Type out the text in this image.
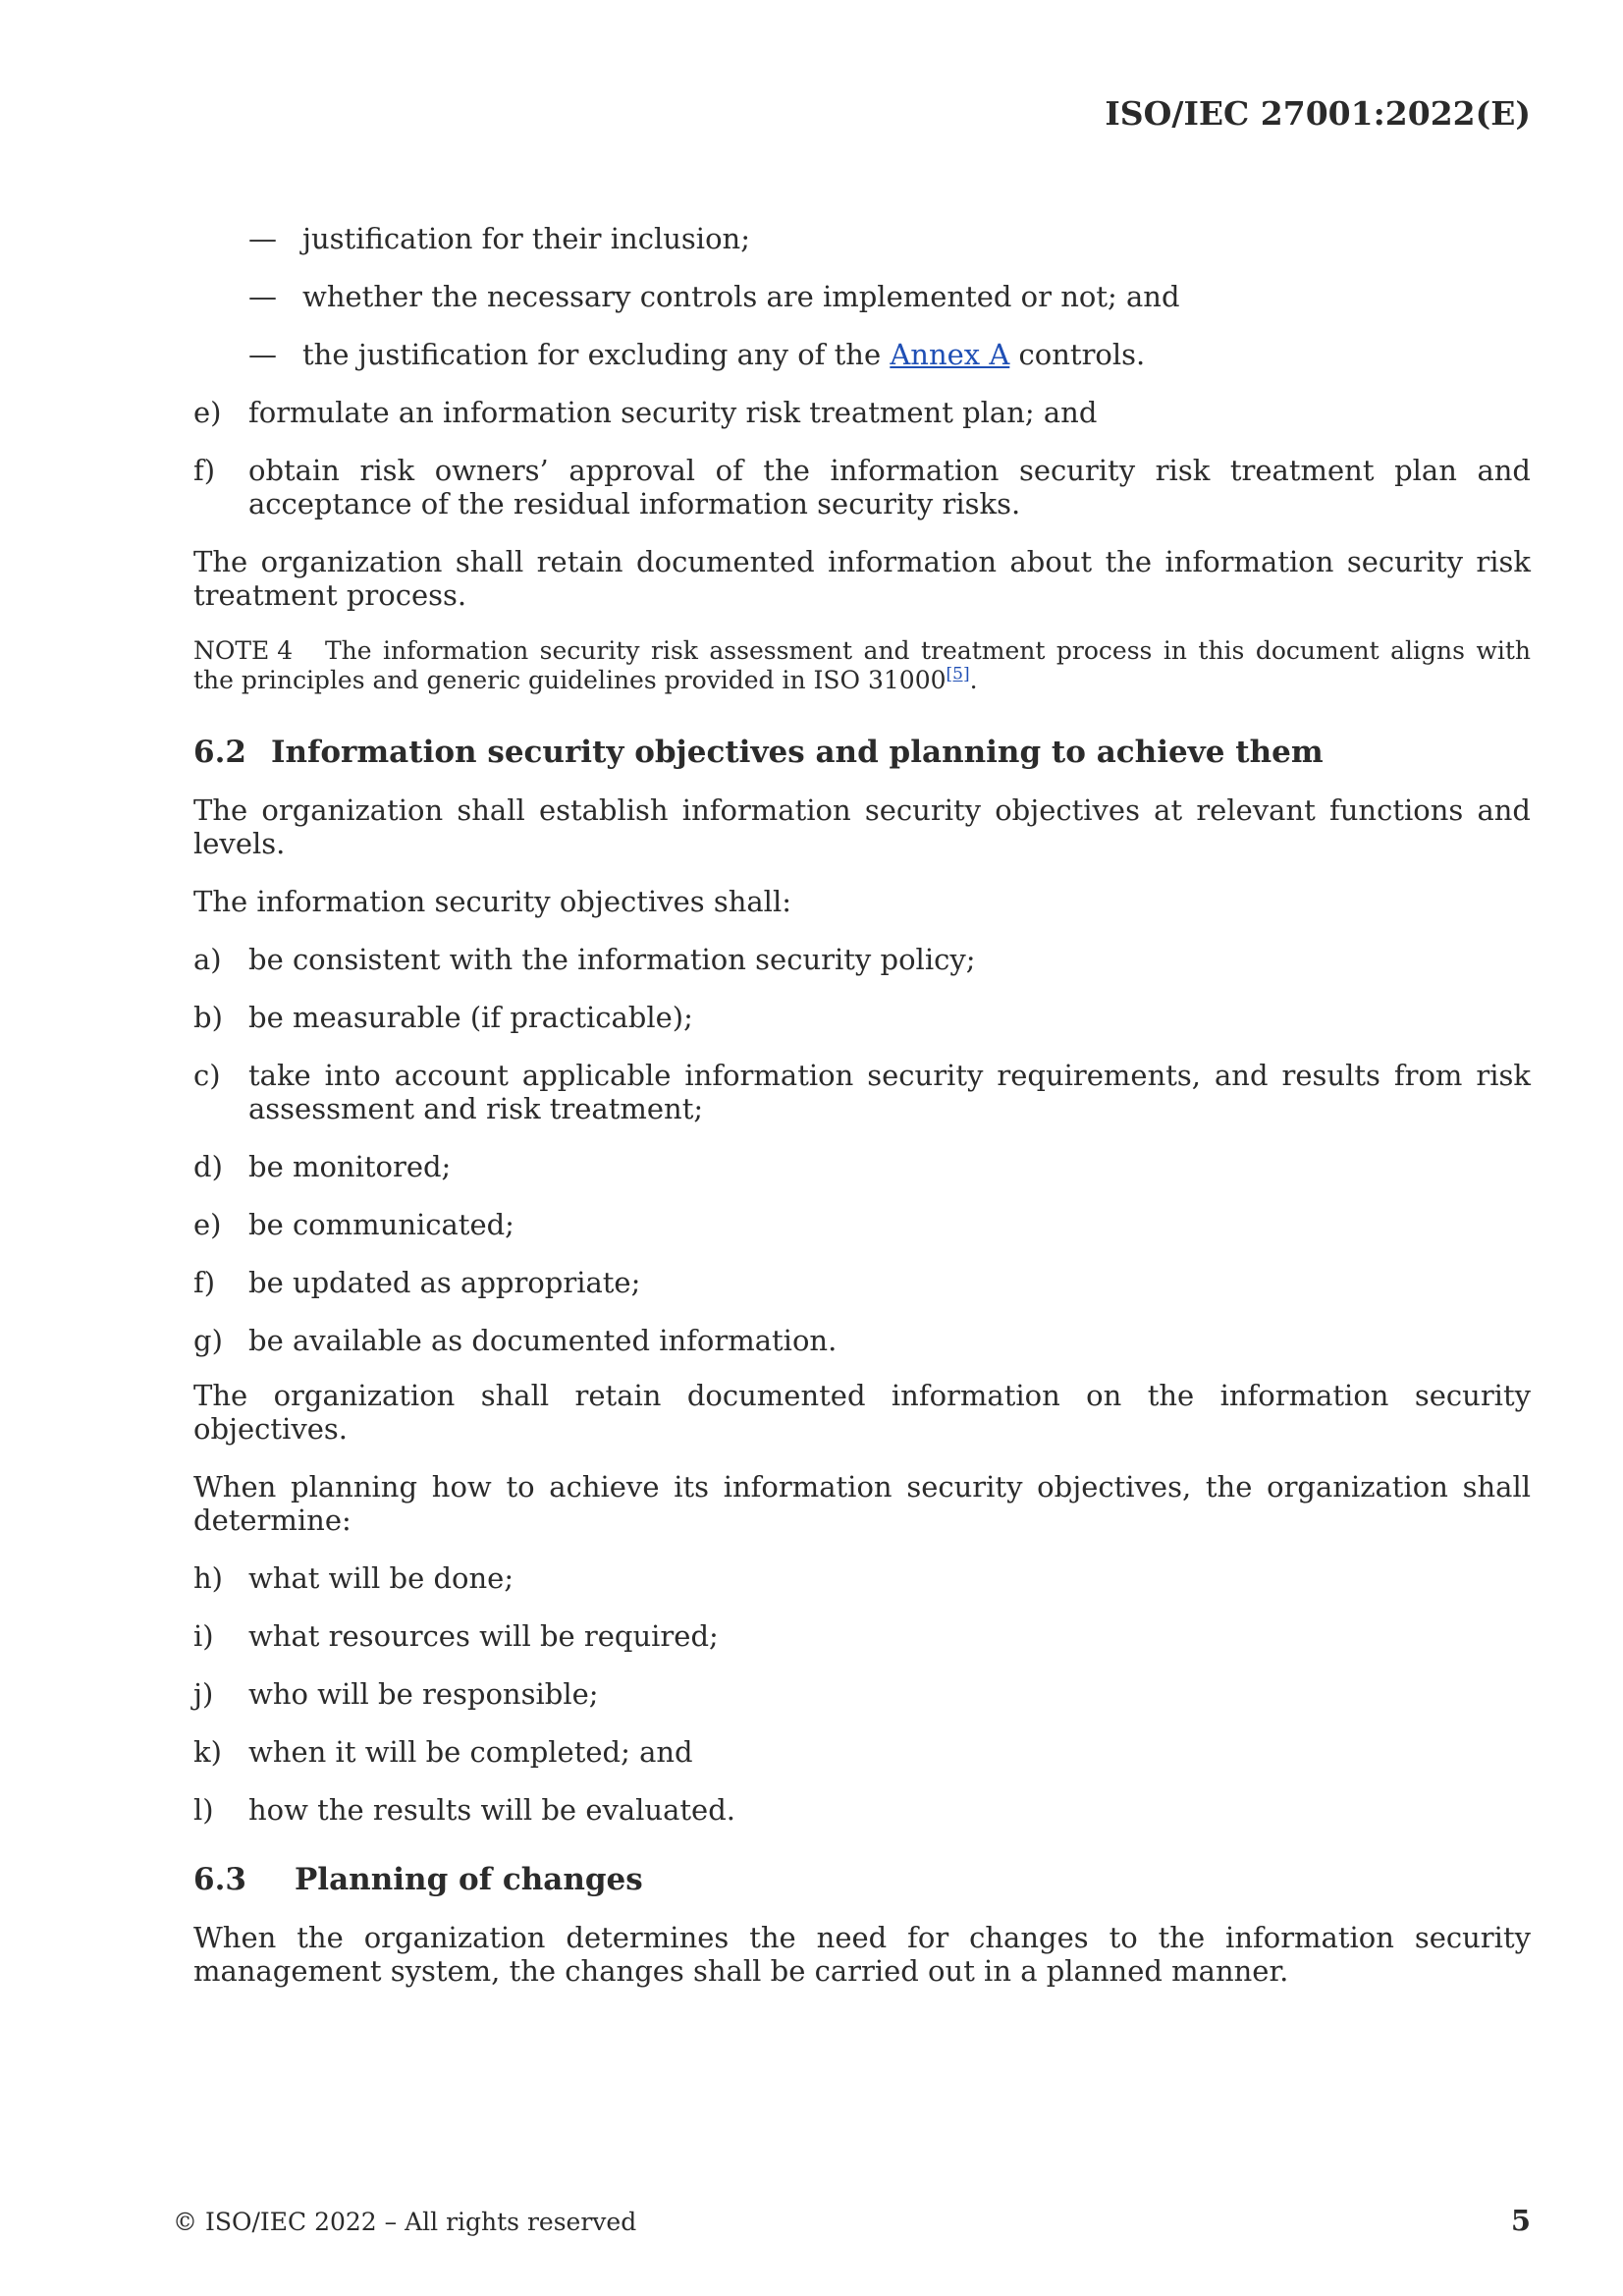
ISO/IEC 27001:2022(E)
— justification for their inclusion;
— whether the necessary controls are implemented or not; and
— the justification for excluding any of the Annex A controls.
e) formulate an information security risk treatment plan; and
f)	obtain risk owners’ approval of the information security risk treatment plan and acceptance of the residual information security risks.

The organization shall retain documented information about the information security risk treatment process.

NOTE 4 The information security risk assessment and treatment process in this document aligns with the principles and generic guidelines provided in ISO 31000[5].

6.2 Information security objectives and planning to achieve them

The organization shall establish information security objectives at relevant functions and levels.

The information security objectives shall:

a) be consistent with the information security policy;
b) be measurable (if practicable);
c) take into account applicable information security requirements, and results from risk assessment and risk treatment;
d) be monitored;
e) be communicated;
f)	be updated as appropriate;
g) be available as documented information.

The organization shall retain documented information on the information security objectives.

When planning how to achieve its information security objectives, the organization shall determine:

h) what will be done;
i)	what resources will be required;
j)	who will be responsible;
k) when it will be completed; and
l)	how the results will be evaluated.
6.3	Planning of changes

When the organization determines the need for changes to the information security management system, the changes shall be carried out in a planned manner.

© ISO/IEC 2022 – All rights reserved	5
